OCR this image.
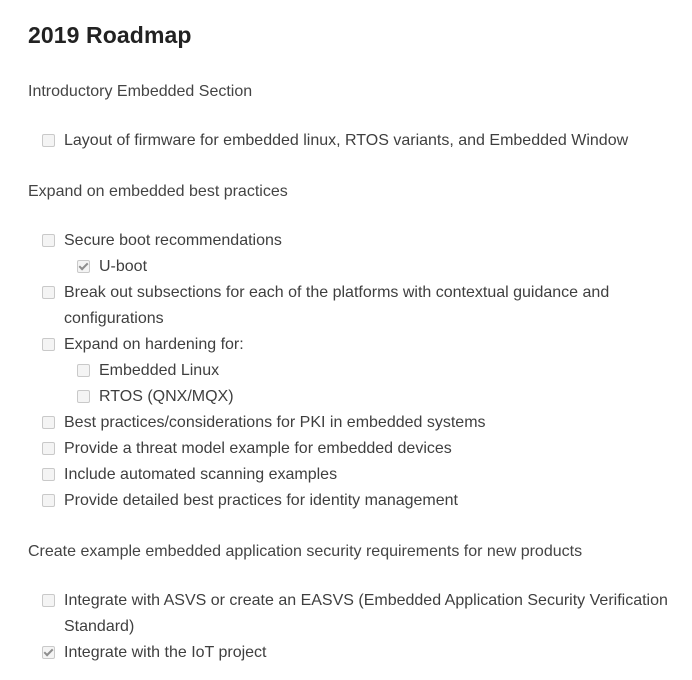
2019 Roadmap

Introductory Embedded Section

Layout of firmware for embedded linux, RTOS variants, and Embedded Window

Expand on embedded best practices

Secure boot recommendations
U-boot
Break out subsections for each of the platforms with contextual guidance and configurations
Expand on hardening for:
Embedded Linux
RTOS (QNX/MQX)
Best practices/considerations for PKI in embedded systems
Provide a threat model example for embedded devices
Include automated scanning examples
Provide detailed best practices for identity management

Create example embedded application security requirements for new products

Integrate with ASVS or create an EASVS (Embedded Application Security Verification Standard)
Integrate with the IoT project
